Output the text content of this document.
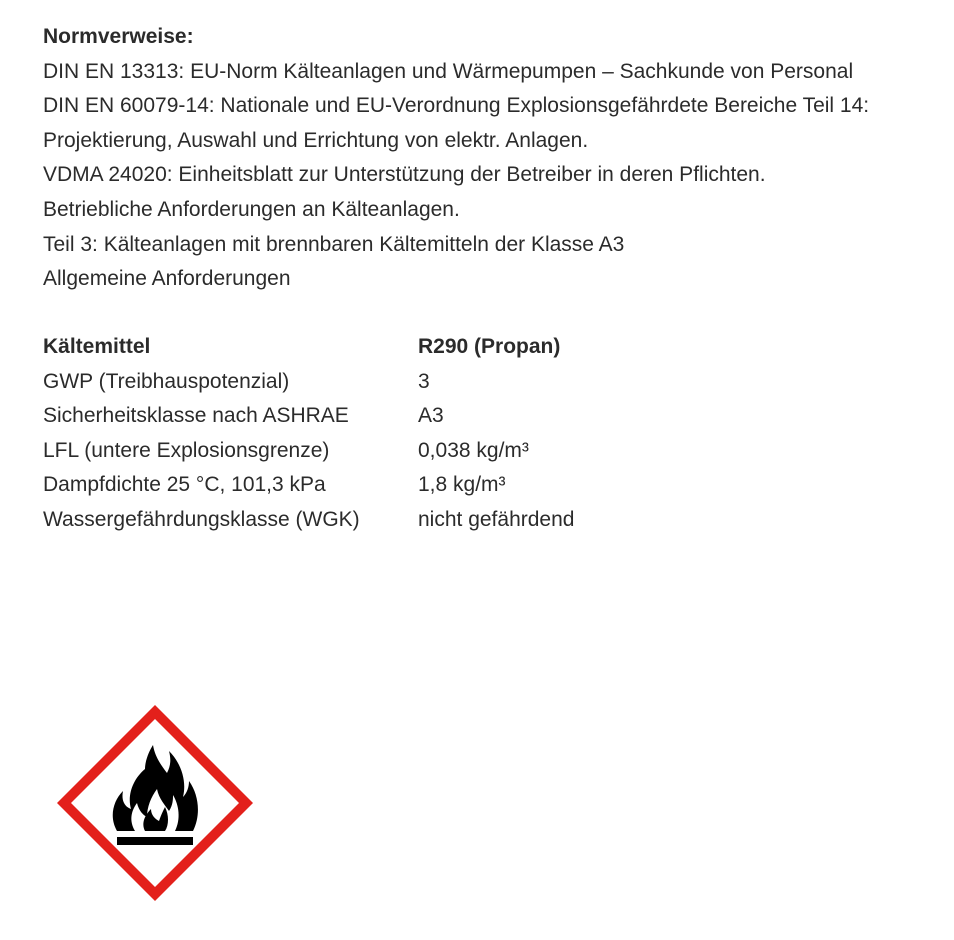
Normverweise:
DIN EN 13313: EU-Norm Kälteanlagen und Wärmepumpen – Sachkunde von Personal
DIN EN 60079-14: Nationale und EU-Verordnung Explosionsgefährdete Bereiche Teil 14:
Projektierung, Auswahl und Errichtung von elektr. Anlagen.
VDMA 24020: Einheitsblatt zur Unterstützung der Betreiber in deren Pflichten.
Betriebliche Anforderungen an Kälteanlagen.
Teil 3: Kälteanlagen mit brennbaren Kältemitteln der Klasse A3
Allgemeine Anforderungen
Kältemittel	R290 (Propan)
GWP (Treibhauspotenzial)	3
Sicherheitsklasse nach ASHRAE	A3
LFL (untere Explosionsgrenze)	0,038 kg/m³
Dampfdichte 25 °C, 101,3 kPa	1,8 kg/m³
Wassergefährdungsklasse (WGK)	nicht gefährdend
